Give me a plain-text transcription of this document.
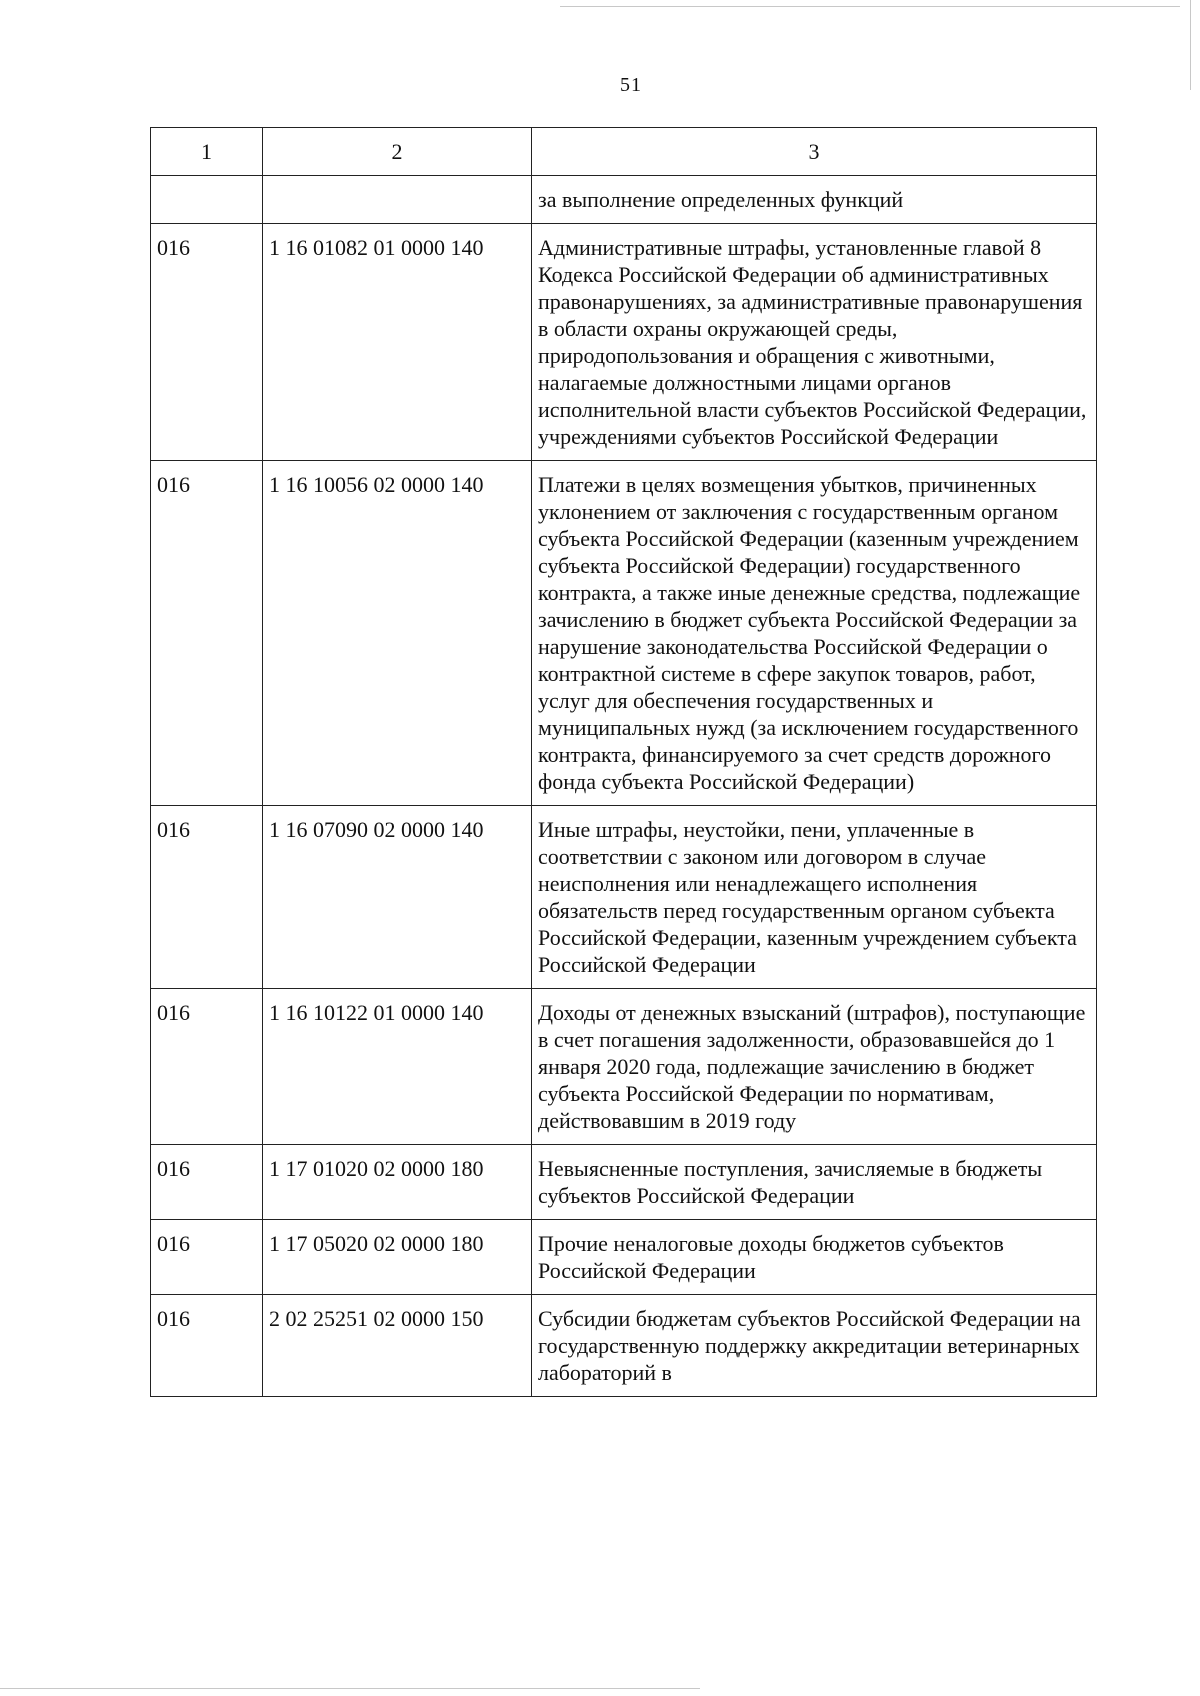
51
1	2	3
		за выполнение определенных функций
016	1 16 01082 01 0000 140	Административные штрафы, установленные главой 8 Кодекса Российской Федерации об административных правонарушениях, за административные правонарушения в области охраны окружающей среды, природопользования и обращения с животными, налагаемые должностными лицами органов исполнительной власти субъектов Российской Федерации, учреждениями субъектов Российской Федерации
016	1 16 10056 02 0000 140	Платежи в целях возмещения убытков, причиненных уклонением от заключения с государственным органом субъекта Российской Федерации (казенным учреждением субъекта Российской Федерации) государственного контракта, а также иные денежные средства, подлежащие зачислению в бюджет субъекта Российской Федерации за нарушение законодательства Российской Федерации о контрактной системе в сфере закупок товаров, работ, услуг для обеспечения государственных и муниципальных нужд (за исключением государственного контракта, финансируемого за счет средств дорожного фонда субъекта Российской Федерации)
016	1 16 07090 02 0000 140	Иные штрафы, неустойки, пени, уплаченные в соответствии с законом или договором в случае неисполнения или ненадлежащего исполнения обязательств перед государственным органом субъекта Российской Федерации, казенным учреждением субъекта Российской Федерации
016	1 16 10122 01 0000 140	Доходы от денежных взысканий (штрафов), поступающие в счет погашения задолженности, образовавшейся до 1 января 2020 года, подлежащие зачислению в бюджет субъекта Российской Федерации по нормативам, действовавшим в 2019 году
016	1 17 01020 02 0000 180	Невыясненные поступления, зачисляемые в бюджеты субъектов Российской Федерации
016	1 17 05020 02 0000 180	Прочие неналоговые доходы бюджетов субъектов Российской Федерации
016	2 02 25251 02 0000 150	Субсидии бюджетам субъектов Российской Федерации на государственную поддержку аккредитации ветеринарных лабораторий в
